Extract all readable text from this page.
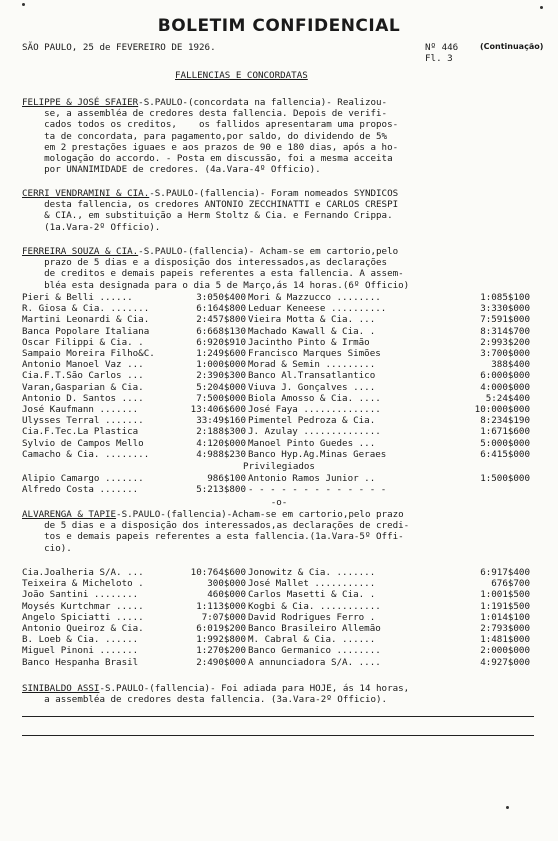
BOLETIM CONFIDENCIAL
SÃO PAULO, 25 de FEVEREIRO DE 1926.	Nº 446	(Continuação)
Fl. 3
FALLENCIAS E CONCORDATAS

FELIPPE & JOSÉ SFAIER-S.PAULO-(concordata na fallencia)- Realizou-

se, a assembléa de credores desta fallencia. Depois de verifi-

cados todos os creditos,    os fallidos apresentaram uma propos-

ta de concordata, para pagamento,por saldo, do dividendo de 5%

em 2 prestações iguaes e aos prazos de 90 e 180 dias, após a ho-

mologação do accordo. - Posta em discussão, foi a mesma acceita

por UNANIMIDADE de credores. (4a.Vara-4º Officio).

CERRI VENDRAMINI & CIA.-S.PAULO-(fallencia)- Foram nomeados SYNDICOS

desta fallencia, os credores ANTONIO ZECCHINATTI e CARLOS CRESPI

& CIA., em substituição a Herm Stoltz & Cia. e Fernando Crippa.

(1a.Vara-2º Officio).

FERREIRA SOUZA & CIA.-S.PAULO-(fallencia)- Acham-se em cartorio,pelo

prazo de 5 dias e a disposição dos interessados,as declarações

de creditos e demais papeis referentes a esta fallencia. A assem-

bléa esta designada para o dia 5 de Março,ás 14 horas.(6º Officio)

Pieri & Belli ......	3:050$400	Mori & Mazzucco ........	1:085$100
R. Giosa & Cia. .......	6:164$800	Leduar Keneese ..........	3:330$000
Martini Leonardi & Cia.	2:457$800	Vieira Motta & Cia. ...	7:591$000
Banca Popolare Italiana	6:668$130	Machado Kawall & Cia. .	8:314$700
Oscar Filippi & Cia. .	6:920$910	Jacintho Pinto & Irmão	2:993$200
Sampaio Moreira Filho&C.	1:249$600	Francisco Marques Simões	3:700$000
Antonio Manoel Vaz ...	1:000$000	Morad & Semin .........	388$400
Cia.F.T.São Carlos ...	2:390$300	Banco Al.Transatlantico	6:000$000
Varan,Gasparian & Cia.	5:204$000	Viuva J. Gonçalves ....	4:000$000
Antonio D. Santos ....	7:500$000	Biola Amosso & Cia. ....	5:24$400
José Kaufmann .......	13:406$600	José Faya ..............	10:000$000
Ulysses Terral .......	33:49$160	Pimentel Pedroza & Cia.	8:234$190
Cia.F.Tec.La Plastica	2:188$300	J. Azulay ..............	1:671$600
Sylvio de Campos Mello	4:120$000	Manoel Pinto Guedes ...	5:000$000
Camacho & Cia. ........	4:988$230	Banco Hyp.Ag.Minas Geraes	6:415$000
Privilegiados
Alipio Camargo .......	986$100	Antonio Ramos Junior ..	1:500$000
Alfredo Costa .......	5:213$800	- - - - - - - - - - - - -	
-o-

ALVARENGA & TAPIE-S.PAULO-(fallencia)-Acham-se em cartorio,pelo prazo

de 5 dias e a disposição dos interessados,as declarações de credi-

tos e demais papeis referentes a esta fallencia.(1a.Vara-5º Offi-

cio).

Cia.Joalheria S/A. ...	10:764$600	Jonowitz & Cia. .......	6:917$400
Teixeira & Micheloto .	300$000	José Mallet ...........	676$700
João Santini ........	460$000	Carlos Masetti & Cia. .	1:001$500
Moysés Kurtchmar .....	1:113$000	Kogbi & Cia. ...........	1:191$500
Angelo Spiciatti .....	7:07$000	David Rodrigues Ferro .	1:014$100
Antonio Queiroz & Cia.	6:019$200	Banco Brasileiro Allemão	2:793$000
B. Loeb & Cia. ......	1:992$800	M. Cabral & Cia. ......	1:481$000
Miguel Pinoni .......	1:270$200	Banco Germanico ........	2:000$000
Banco Hespanha Brasil	2:490$000	A annunciadora S/A. ....	4:927$000

SINIBALDO ASSI-S.PAULO-(fallencia)- Foi adiada para HOJE, ás 14 horas,

a assembléa de credores desta fallencia. (3a.Vara-2º Officio).
